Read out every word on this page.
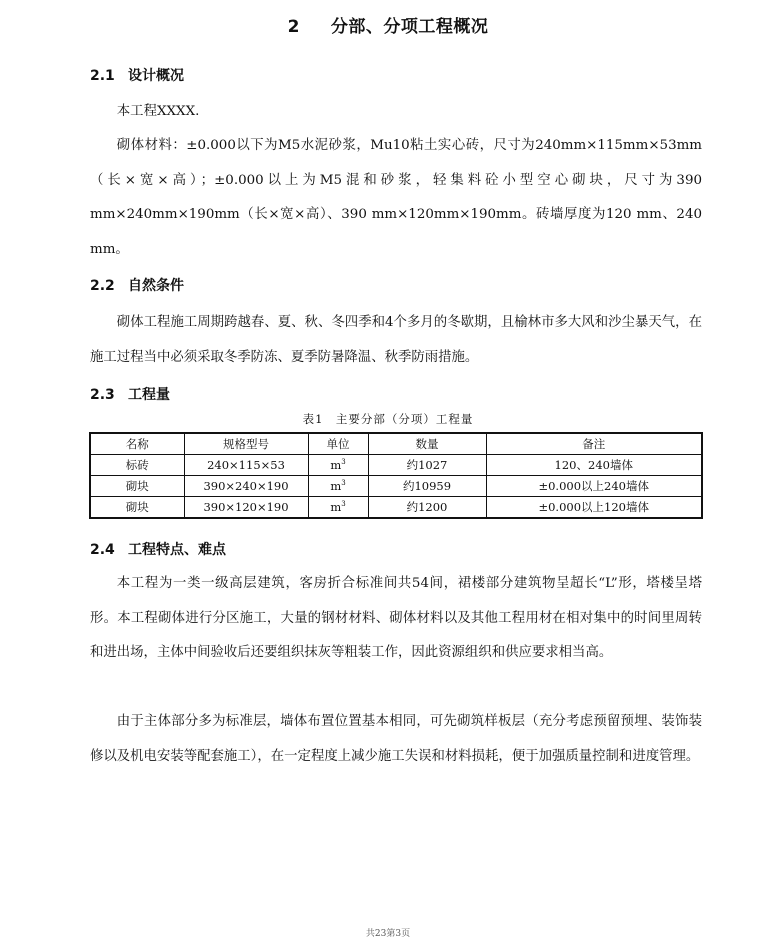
2 分部、分项工程概况
2.1 设计概况

本工程XXXX.

砌体材料：±0.000以下为M5水泥砂浆，Mu10粘土实心砖，尺寸为240mm×115mm×53mm（长×宽×高）；±0.000以上为M5混和砂浆，轻集料砼小型空心砌块，尺寸为390 mm×240mm×190mm（长×宽×高）、390 mm×120mm×190mm。砖墙厚度为120 mm、240 mm。

2.2 自然条件

砌体工程施工周期跨越春、夏、秋、冬四季和4个多月的冬歇期，且榆林市多大风和沙尘暴天气，在施工过程当中必须采取冬季防冻、夏季防暑降温、秋季防雨措施。

2.3 工程量
表1　主要分部（分项）工程量
名称	规格型号	单位	数量	备注
标砖	240×115×53	$m^3$	约1027	120、240墙体
砌块	390×240×190	$m^3$	约10959	±0.000以上240墙体
砌块	390×120×190	$m^3$	约1200	±0.000以上120墙体
2.4 工程特点、难点

本工程为一类一级高层建筑，客房折合标准间共54间，裙楼部分建筑物呈超长“L”形，塔楼呈塔形。本工程砌体进行分区施工，大量的钢材材料、砌体材料以及其他工程用材在相对集中的时间里周转和进出场，主体中间验收后还要组织抹灰等粗装工作，因此资源组织和供应要求相当高。

由于主体部分多为标准层，墙体布置位置基本相同，可先砌筑样板层（充分考虑预留预埋、装饰装修以及机电安装等配套施工），在一定程度上减少施工失误和材料损耗，便于加强质量控制和进度管理。

共23第3页
